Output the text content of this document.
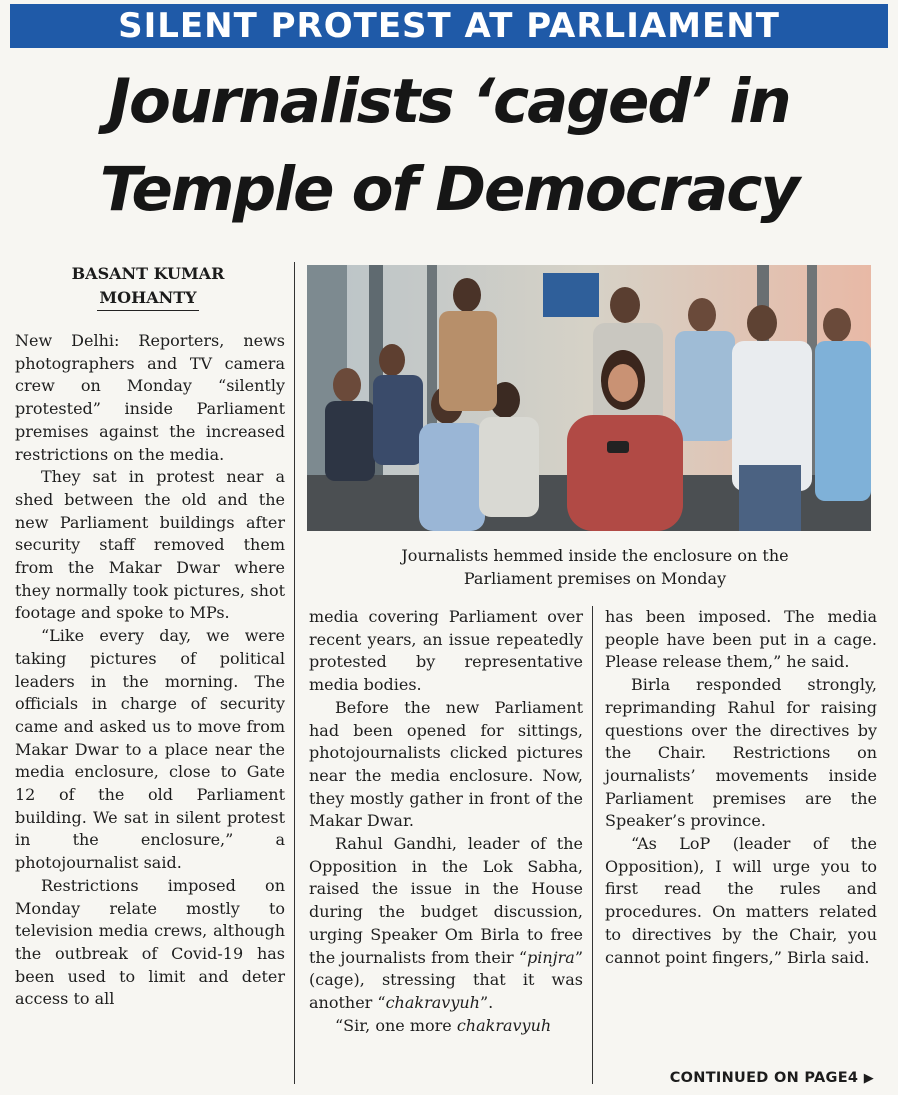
SILENT PROTEST AT PARLIAMENT
Journalists ‘caged’ in
Temple of Democracy
BASANT KUMAR
MOHANTY

New Delhi: Reporters, news photographers and TV camera crew on Monday “silently protested” inside Parliament premises against the increased restrictions on the media.

They sat in protest near a shed between the old and the new Parliament buildings after security staff removed them from the Makar Dwar where they normally took pictures, shot footage and spoke to MPs.

“Like every day, we were taking pictures of political leaders in the morning. The officials in charge of security came and asked us to move from Makar Dwar to a place near the media enclosure, close to Gate 12 of the old Parliament building. We sat in silent protest in the enclosure,” a photojournalist said.

Restrictions imposed on Monday relate mostly to television media crews, although the outbreak of Covid-19 has been used to limit and deter access to all

Journalists hemmed inside the enclosure on the
Parliament premises on Monday

media covering Parliament over recent years, an issue repeatedly protested by representative media bodies.

Before the new Parliament had been opened for sittings, photojournalists clicked pictures near the media enclosure. Now, they mostly gather in front of the Makar Dwar.

Rahul Gandhi, leader of the Opposition in the Lok Sabha, raised the issue in the House during the budget discussion, urging Speaker Om Birla to free the journalists from their “pinjra” (cage), stressing that it was another “chakravyuh”.

“Sir, one more chakravyuh

has been imposed. The media people have been put in a cage. Please release them,” he said.

Birla responded strongly, reprimanding Rahul for raising questions over the directives by the Chair. Restrictions on journalists’ movements inside Parliament premises are the Speaker’s province.

“As LoP (leader of the Opposition), I will urge you to first read the rules and procedures. On matters related to directives by the Chair, you cannot point fingers,” Birla said.

CONTINUED ON PAGE4 ▶
